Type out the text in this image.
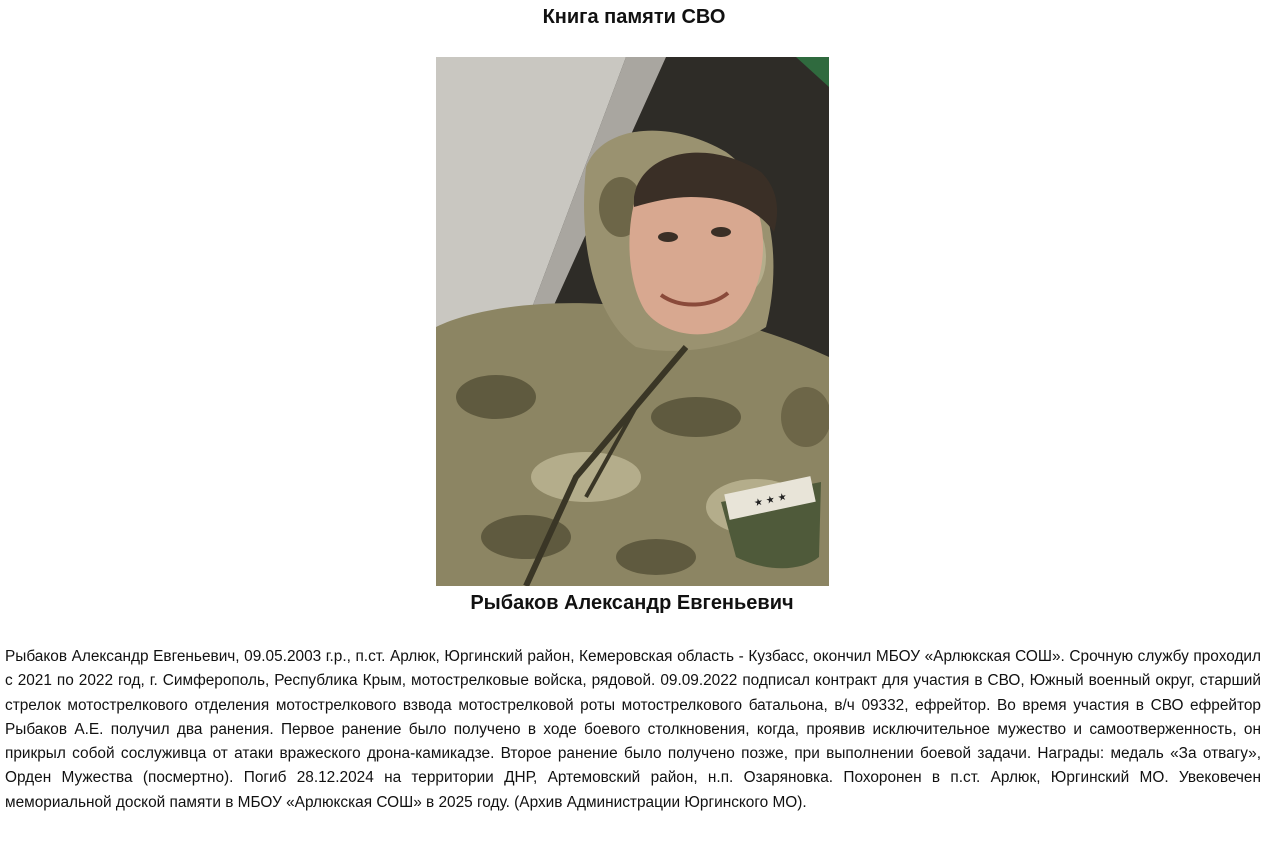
Книга памяти СВО
★ ★ ★
Рыбаков Александр Евгеньевич

Рыбаков Александр Евгеньевич, 09.05.2003 г.р., п.ст. Арлюк, Юргинский район, Кемеровская область - Кузбасс, окончил МБОУ «Арлюкская СОШ». Срочную службу проходил с 2021 по 2022 год, г. Симферополь, Республика Крым, мотострелковые войска, рядовой. 09.09.2022 подписал контракт для участия в СВО, Южный военный округ, старший стрелок мотострелкового отделения мотострелкового взвода мотострелковой роты мотострелкового батальона, в/ч 09332, ефрейтор. Во время участия в СВО ефрейтор Рыбаков А.Е. получил два ранения. Первое ранение было получено в ходе боевого столкновения, когда, проявив исключительное мужество и самоотверженность, он прикрыл собой сослуживца от атаки вражеского дрона-камикадзе. Второе ранение было получено позже, при выполнении боевой задачи. Награды: медаль «За отвагу», Орден Мужества (посмертно). Погиб 28.12.2024 на территории ДНР, Артемовский район, н.п. Озаряновка. Похоронен в п.ст. Арлюк, Юргинский МО. Увековечен мемориальной доской памяти в МБОУ «Арлюкская СОШ» в 2025 году. (Архив Администрации Юргинского МО).
